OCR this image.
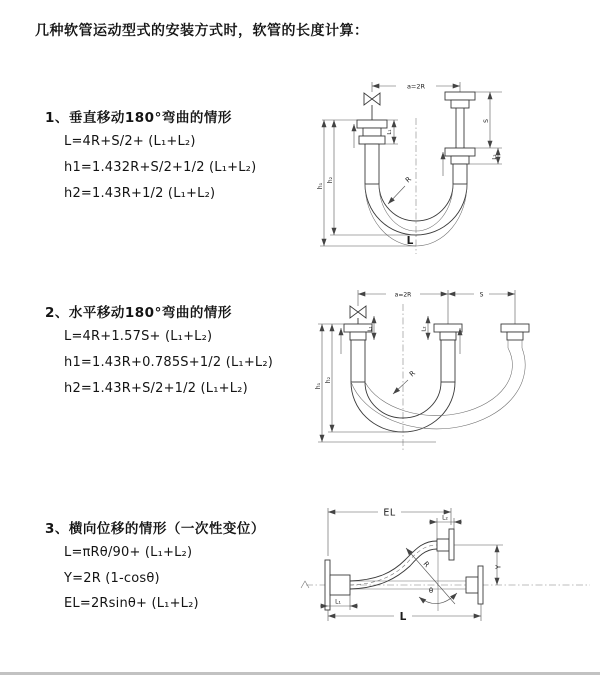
几种软管运动型式的安装方式时，软管的长度计算：
1、垂直移动180°弯曲的情形
L=4R+S/2+ (L₁+L₂)
h1=1.432R+S/2+1/2 (L₁+L₂)
h2=1.43R+1/2 (L₁+L₂)
2、水平移动180°弯曲的情形
L=4R+1.57S+ (L₁+L₂)
h1=1.43R+0.785S+1/2 (L₁+L₂)
h2=1.43R+S/2+1/2 (L₁+L₂)
3、横向位移的情形（一次性变位）
L=πRθ/90+ (L₁+L₂)
Y=2R (1-cosθ)
EL=2Rsinθ+ (L₁+L₂)
a=2R
R
h₂
h₁
L₁
S
L₂
L
a=2R	S
L₁	L₂
R
h₂
h₁
EL	L₂
Y
R
θ
L₁
L
